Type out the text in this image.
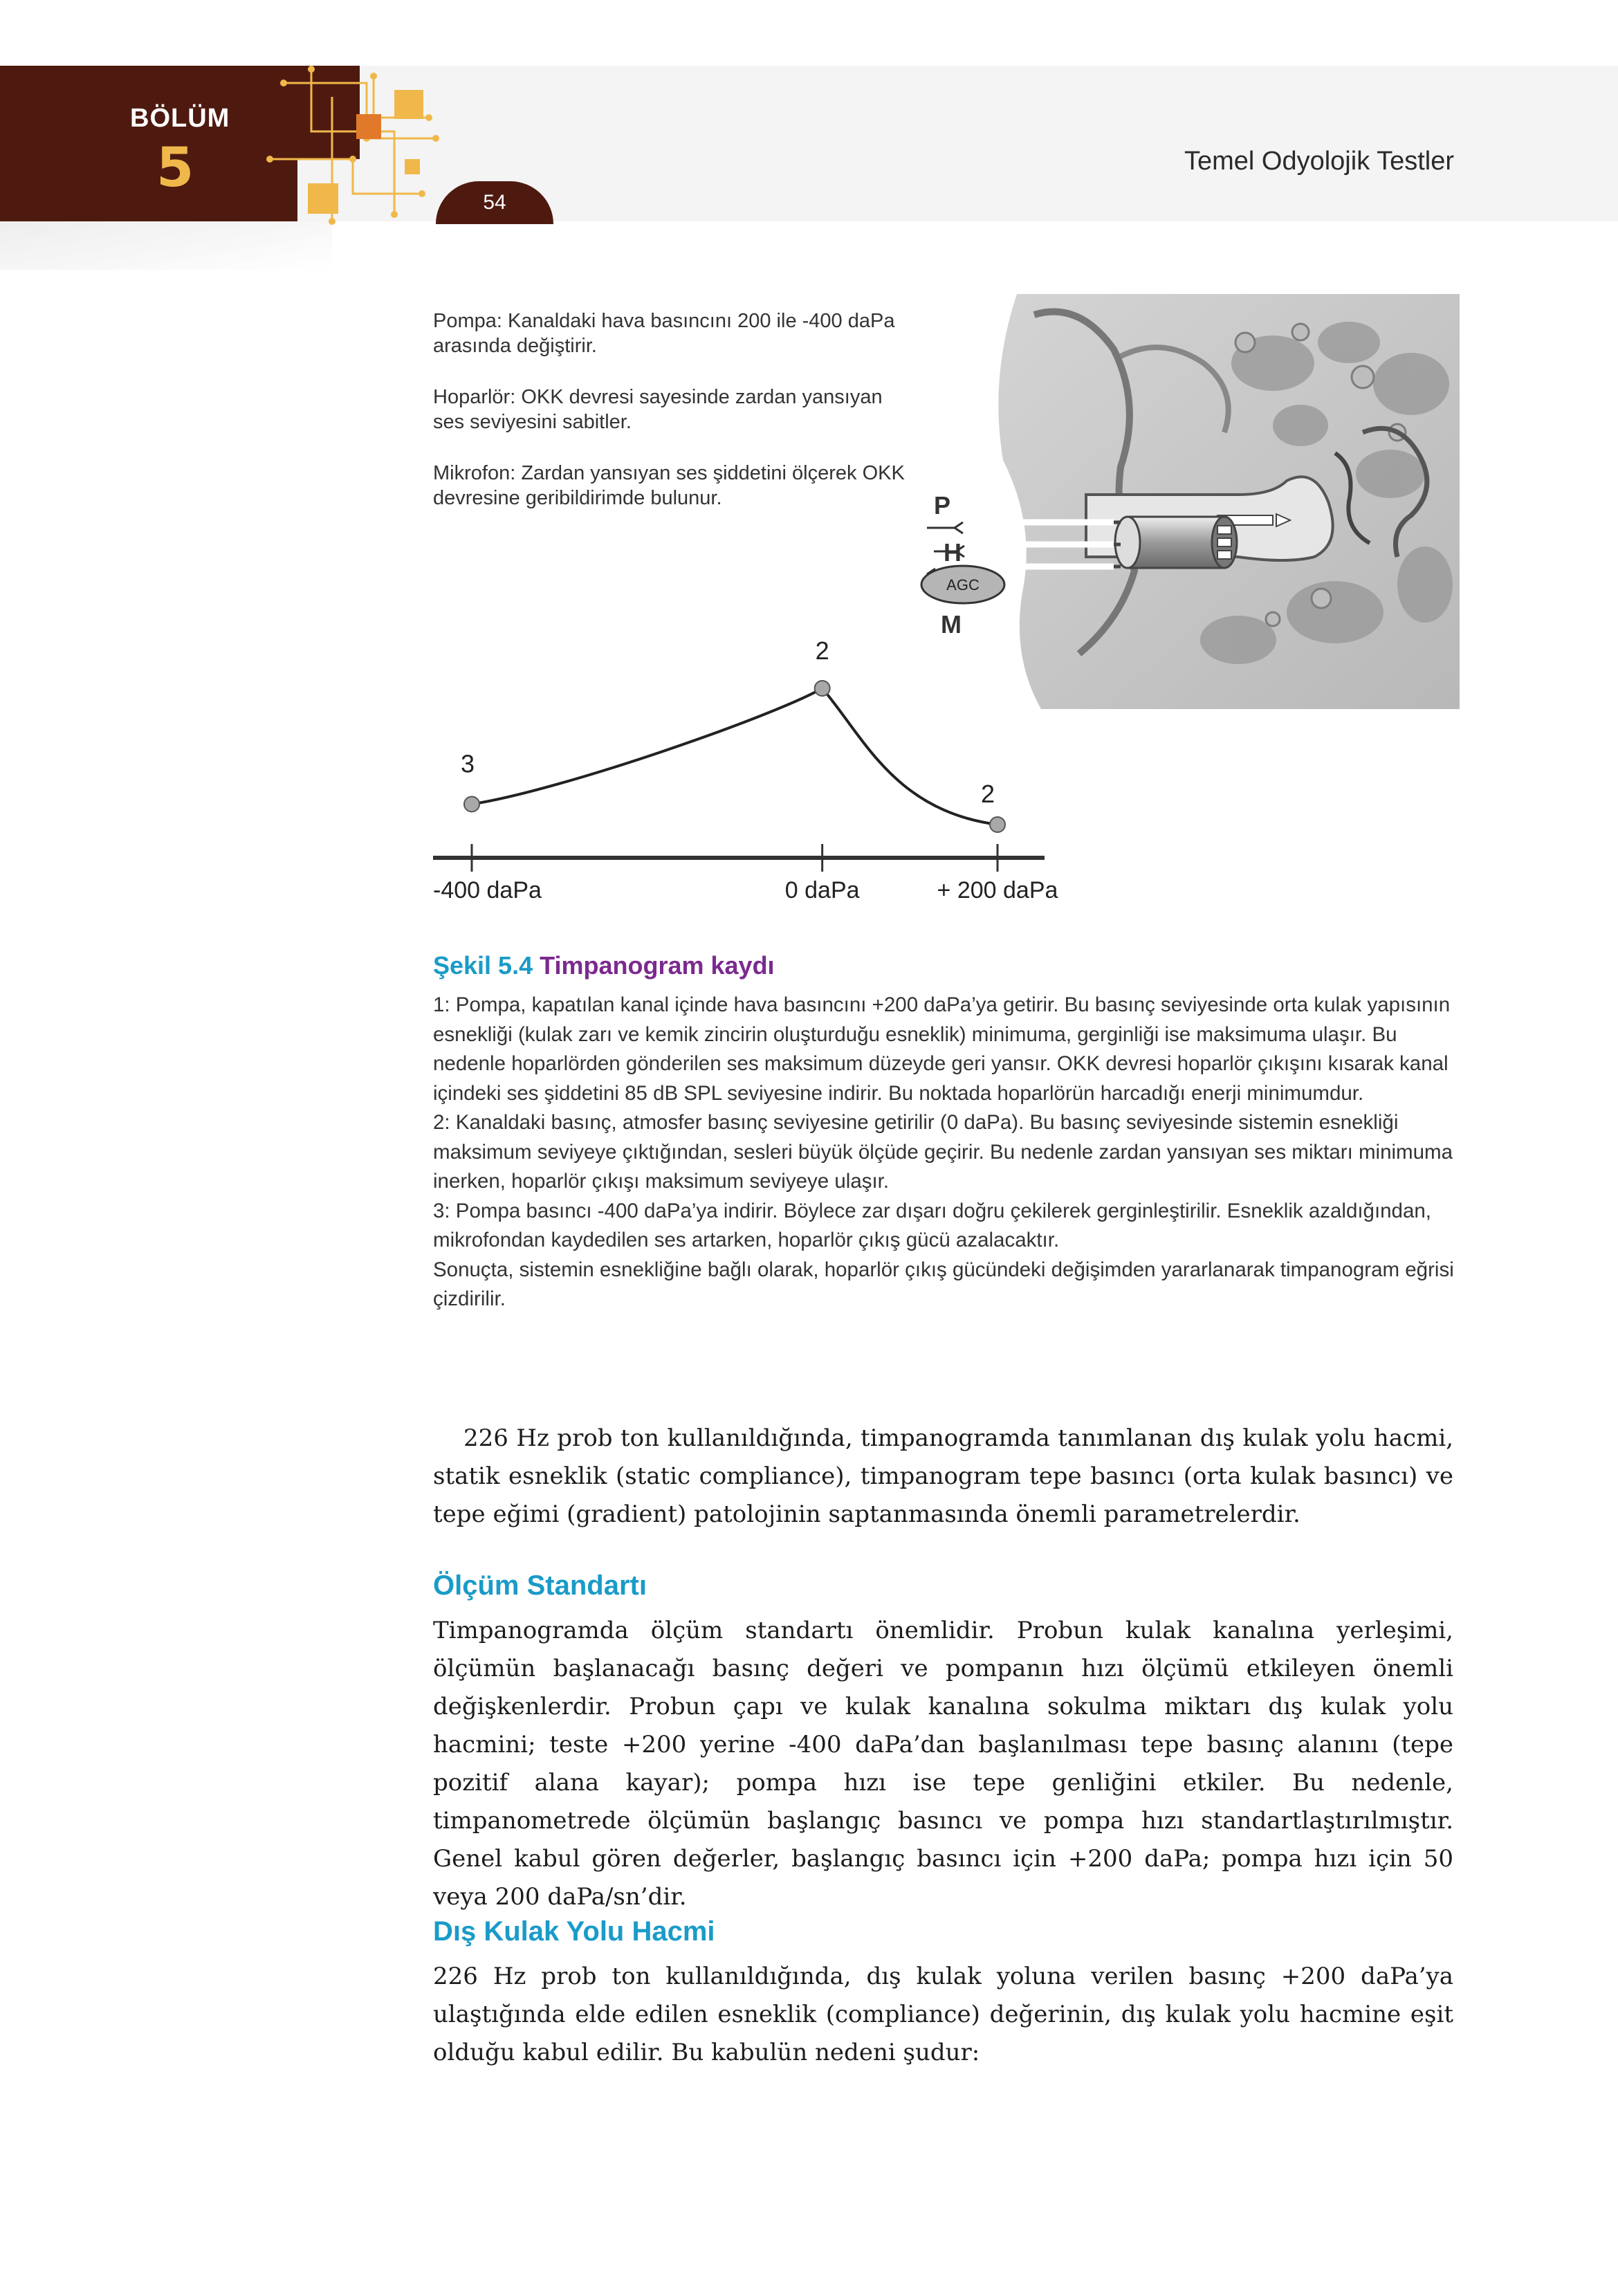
BÖLÜM
5
54
Temel Odyolojik Testler
Pompa: Kanaldaki hava basıncını 200 ile -400 daPa arasında değiştirir.
Hoparlör: OKK devresi sayesinde zardan yansıyan ses seviyesini sabitler.
Mikrofon: Zardan yansıyan ses şiddetini ölçerek OKK devresine geribildirimde bulunur.	P
H
AGC
M
-400 daPa	0 daPa	+ 200 daPa
3
2
2
Şekil 5.4 Timpanogram kaydı

1: Pompa, kapatılan kanal içinde hava basıncını +200 daPa’ya getirir. Bu basınç seviyesinde orta kulak yapısının esnekliği (kulak zarı ve kemik zincirin oluşturduğu esneklik) minimuma, gerginliği ise maksimuma ulaşır. Bu nedenle hoparlörden gönderilen ses maksimum düzeyde geri yansır. OKK devresi hoparlör çıkışını kısarak kanal içindeki ses şiddetini 85 dB SPL seviyesine indirir. Bu noktada hoparlörün harcadığı enerji minimumdur.

2: Kanaldaki basınç, atmosfer basınç seviyesine getirilir (0 daPa). Bu basınç seviyesinde sistemin esnekliği maksimum seviyeye çıktığından, sesleri büyük ölçüde geçirir. Bu nedenle zardan yansıyan ses miktarı minimuma inerken, hoparlör çıkışı maksimum seviyeye ulaşır.

3: Pompa basıncı -400 daPa’ya indirir. Böylece zar dışarı doğru çekilerek gerginleştirilir. Esneklik azaldığından, mikrofondan kaydedilen ses artarken, hoparlör çıkış gücü azalacaktır.

Sonuçta, sistemin esnekliğine bağlı olarak, hoparlör çıkış gücündeki değişimden yararlanarak timpanogram eğrisi çizdirilir.

226 Hz prob ton kullanıldığında, timpanogramda tanımlanan dış kulak yolu hacmi, statik esneklik (static compliance), timpanogram tepe basıncı (orta kulak basıncı) ve tepe eğimi (gradient) patolojinin saptanmasında önemli parametrelerdir.

Ölçüm Standartı

Timpanogramda ölçüm standartı önemlidir. Probun kulak kanalına yerleşimi, ölçümün başlanacağı basınç değeri ve pompanın hızı ölçümü etkileyen önemli değişkenlerdir. Probun çapı ve kulak kanalına sokulma miktarı dış kulak yolu hacmini; teste +200 yerine -400 daPa’dan başlanılması tepe basınç alanını (tepe pozitif alana kayar); pompa hızı ise tepe genliğini etkiler. Bu nedenle, timpanometrede ölçümün başlangıç basıncı ve pompa hızı standartlaştırılmıştır. Genel kabul gören değerler, başlangıç basıncı için +200 daPa; pompa hızı için 50 veya 200 daPa/sn’dir.

Dış Kulak Yolu Hacmi

226 Hz prob ton kullanıldığında, dış kulak yoluna verilen basınç +200 daPa’ya ulaştığında elde edilen esneklik (compliance) değerinin, dış kulak yolu hacmine eşit olduğu kabul edilir. Bu kabulün nedeni şudur:
